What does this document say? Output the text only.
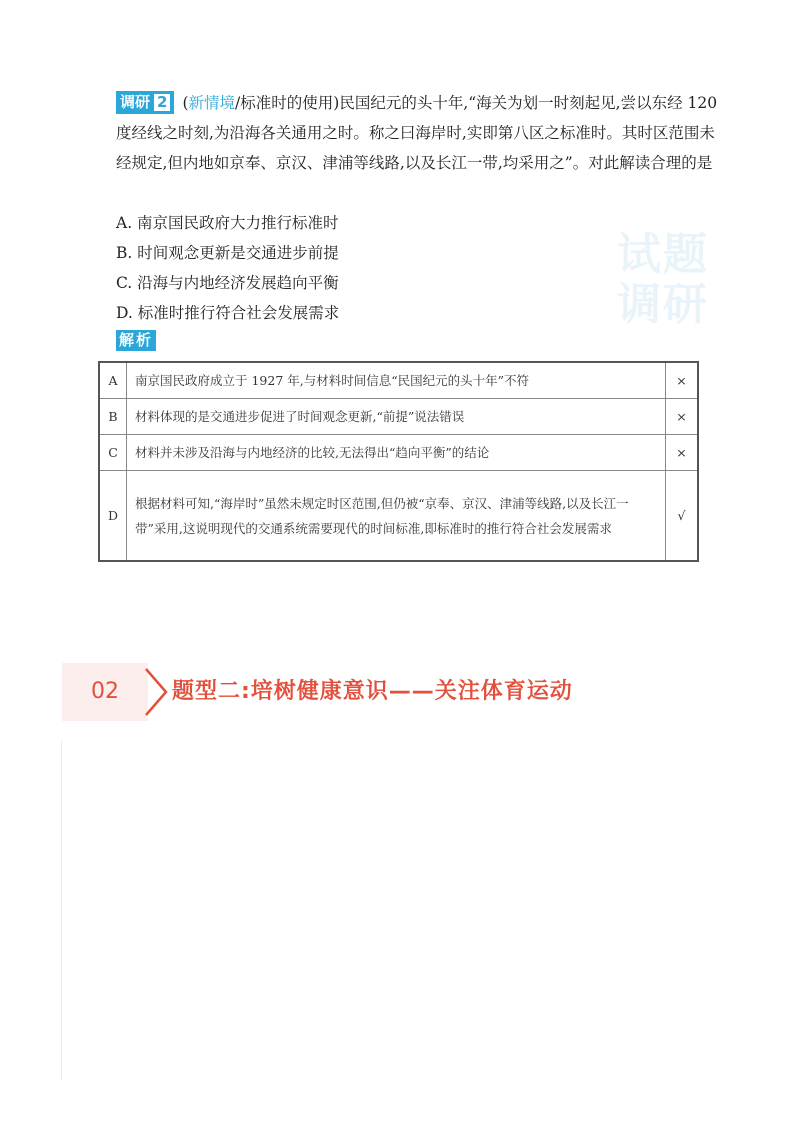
试题
调研
调研 2 (新情境/标准时的使用)民国纪元的头十年,“海关为划一时刻起见,尝以东经 120 度经线之时刻,为沿海各关通用之时。称之曰海岸时,实即第八区之标准时。其时区范围未经规定,但内地如京奉、京汉、津浦等线路,以及长江一带,均采用之”。对此解读合理的是
A. 南京国民政府大力推行标准时
B. 时间观念更新是交通进步前提
C. 沿海与内地经济发展趋向平衡
D. 标准时推行符合社会发展需求
解析
A	南京国民政府成立于 1927 年,与材料时间信息“民国纪元的头十年”不符	×
B	材料体现的是交通进步促进了时间观念更新,“前提”说法错误	×
C	材料并未涉及沿海与内地经济的比较,无法得出“趋向平衡”的结论	×
D	根据材料可知,“海岸时”虽然未规定时区范围,但仍被“京奉、京汉、津浦等线路,以及长江一带”采用,这说明现代的交通系统需要现代的时间标准,即标准时的推行符合社会发展需求	√
02	题型二:培树健康意识——关注体育运动
